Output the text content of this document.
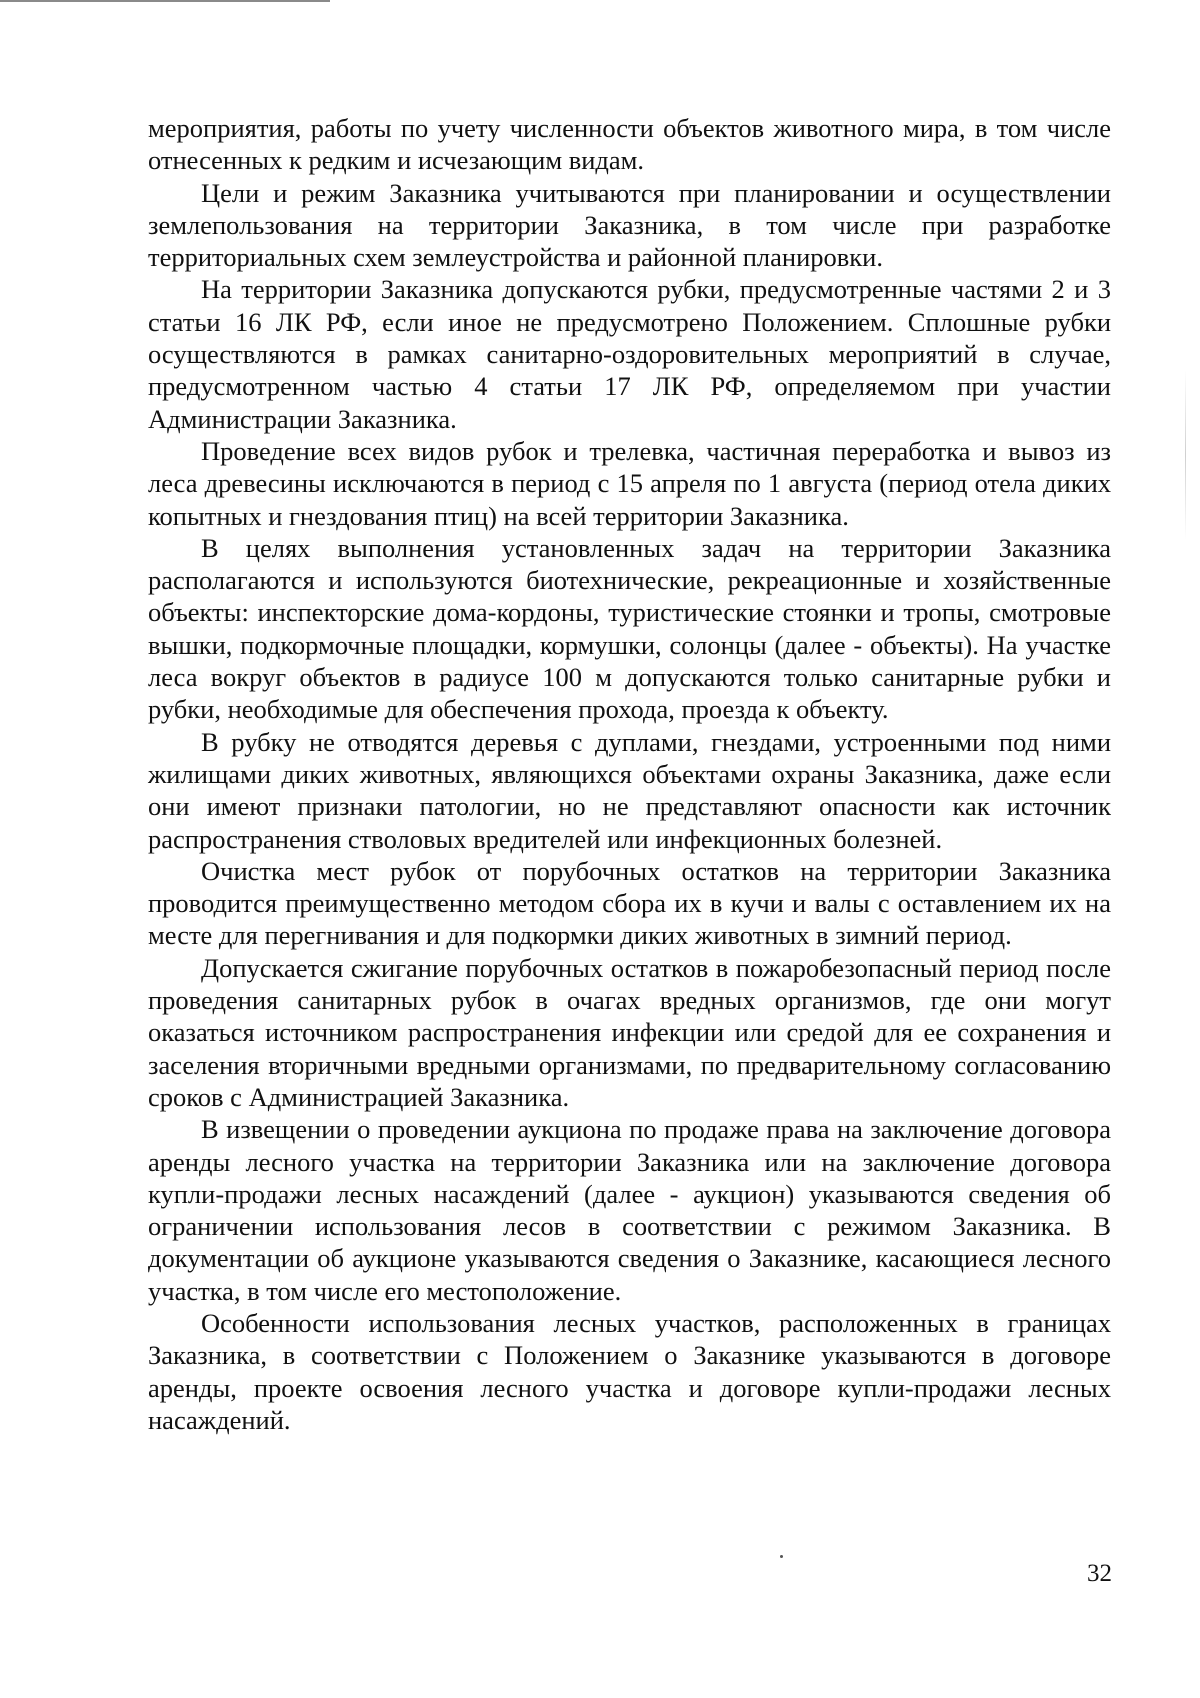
мероприятия, работы по учету численности объектов животного мира, в том числе отнесенных к редким и исчезающим видам.

Цели и режим Заказника учитываются при планировании и осуществлении землепользования на территории Заказника, в том числе при разработке территориальных схем землеустройства и районной планировки.

На территории Заказника допускаются рубки, предусмотренные частями 2 и 3 статьи 16 ЛК РФ, если иное не предусмотрено Положением. Сплошные рубки осуществляются в рамках санитарно-оздоровительных мероприятий в случае, предусмотренном частью 4 статьи 17 ЛК РФ, определяемом при участии Администрации Заказника.

Проведение всех видов рубок и трелевка, частичная переработка и вывоз из леса древесины исключаются в период с 15 апреля по 1 августа (период отела диких копытных и гнездования птиц) на всей территории Заказника.

В целях выполнения установленных задач на территории Заказника располагаются и используются биотехнические, рекреационные и хозяйственные объекты: инспекторские дома-кордоны, туристические стоянки и тропы, смотровые вышки, подкормочные площадки, кормушки, солонцы (далее - объекты). На участке леса вокруг объектов в радиусе 100 м допускаются только санитарные рубки и рубки, необходимые для обеспечения прохода, проезда к объекту.

В рубку не отводятся деревья с дуплами, гнездами, устроенными под ними жилищами диких животных, являющихся объектами охраны Заказника, даже если они имеют признаки патологии, но не представляют опасности как источник распространения стволовых вредителей или инфекционных болезней.

Очистка мест рубок от порубочных остатков на территории Заказника проводится преимущественно методом сбора их в кучи и валы с оставлением их на месте для перегнивания и для подкормки диких животных в зимний период.

Допускается сжигание порубочных остатков в пожаробезопасный период после проведения санитарных рубок в очагах вредных организмов, где они могут оказаться источником распространения инфекции или средой для ее сохранения и заселения вторичными вредными организмами, по предварительному согласованию сроков с Администрацией Заказника.

В извещении о проведении аукциона по продаже права на заключение договора аренды лесного участка на территории Заказника или на заключение договора купли-продажи лесных насаждений (далее - аукцион) указываются сведения об ограничении использования лесов в соответствии с режимом Заказника. В документации об аукционе указываются сведения о Заказнике, касающиеся лесного участка, в том числе его местоположение.

Особенности использования лесных участков, расположенных в границах Заказника, в соответствии с Положением о Заказнике указываются в договоре аренды, проекте освоения лесного участка и договоре купли-продажи лесных насаждений.

32
